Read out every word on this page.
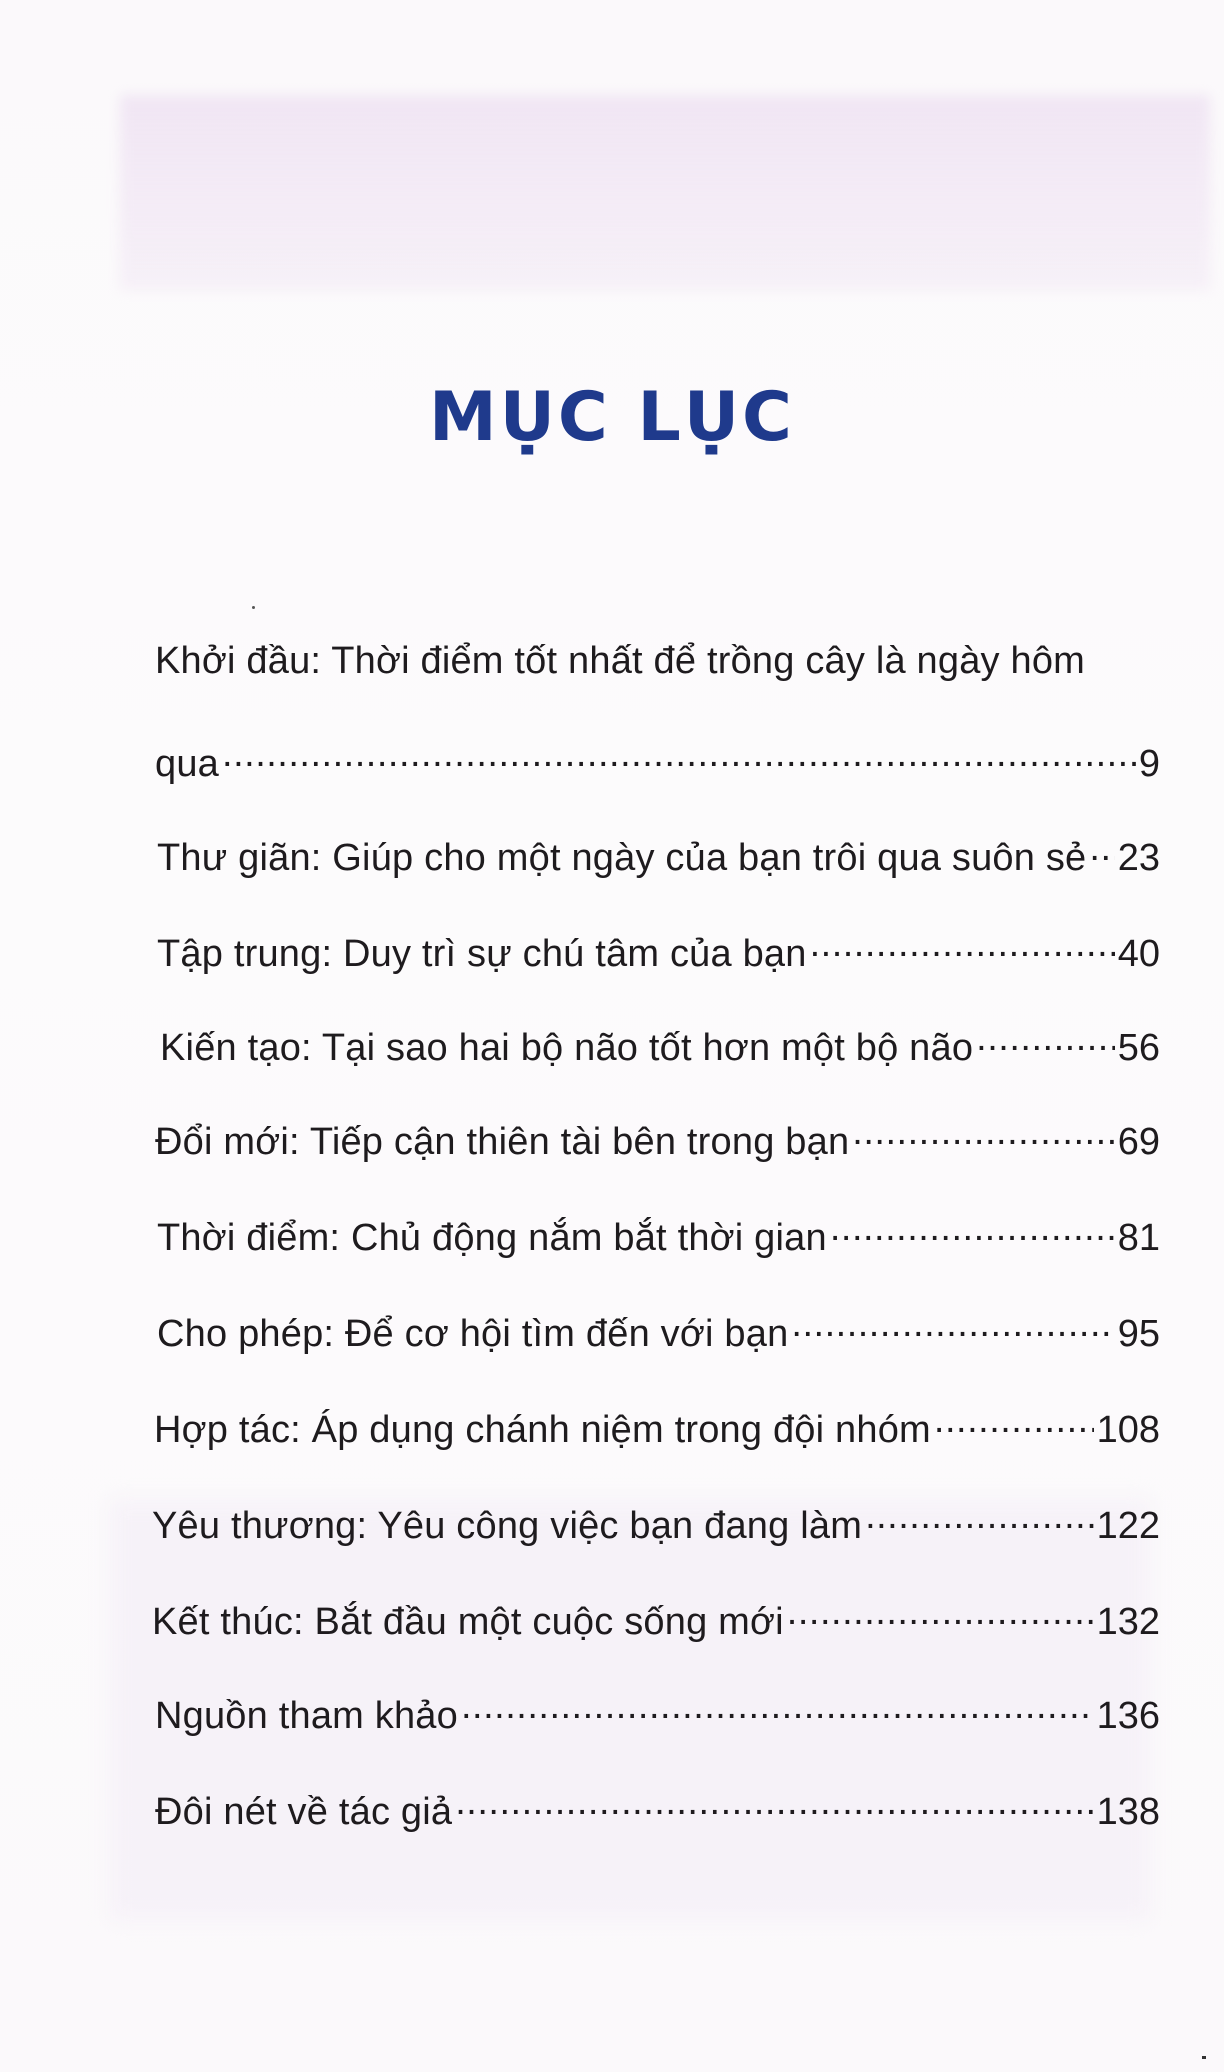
MỤC LỤC
Khởi đầu: Thời điểm tốt nhất để trồng cây là ngày hôm
qua .....	9
Thư giãn: Giúp cho một ngày của bạn trôi qua suôn sẻ ..... 23
Tập trung: Duy trì sự chú tâm của bạn .....	40
Kiến tạo: Tại sao hai bộ não tốt hơn một bộ não .....	56
Đổi mới: Tiếp cận thiên tài bên trong bạn .....	69
Thời điểm: Chủ động nắm bắt thời gian .....	81
Cho phép: Để cơ hội tìm đến với bạn .....	95
Hợp tác: Áp dụng chánh niệm trong đội nhóm .....	108
Yêu thương: Yêu công việc bạn đang làm .....	122
Kết thúc: Bắt đầu một cuộc sống mới .....	132
Nguồn tham khảo .....	136
Đôi nét về tác giả .....	138
